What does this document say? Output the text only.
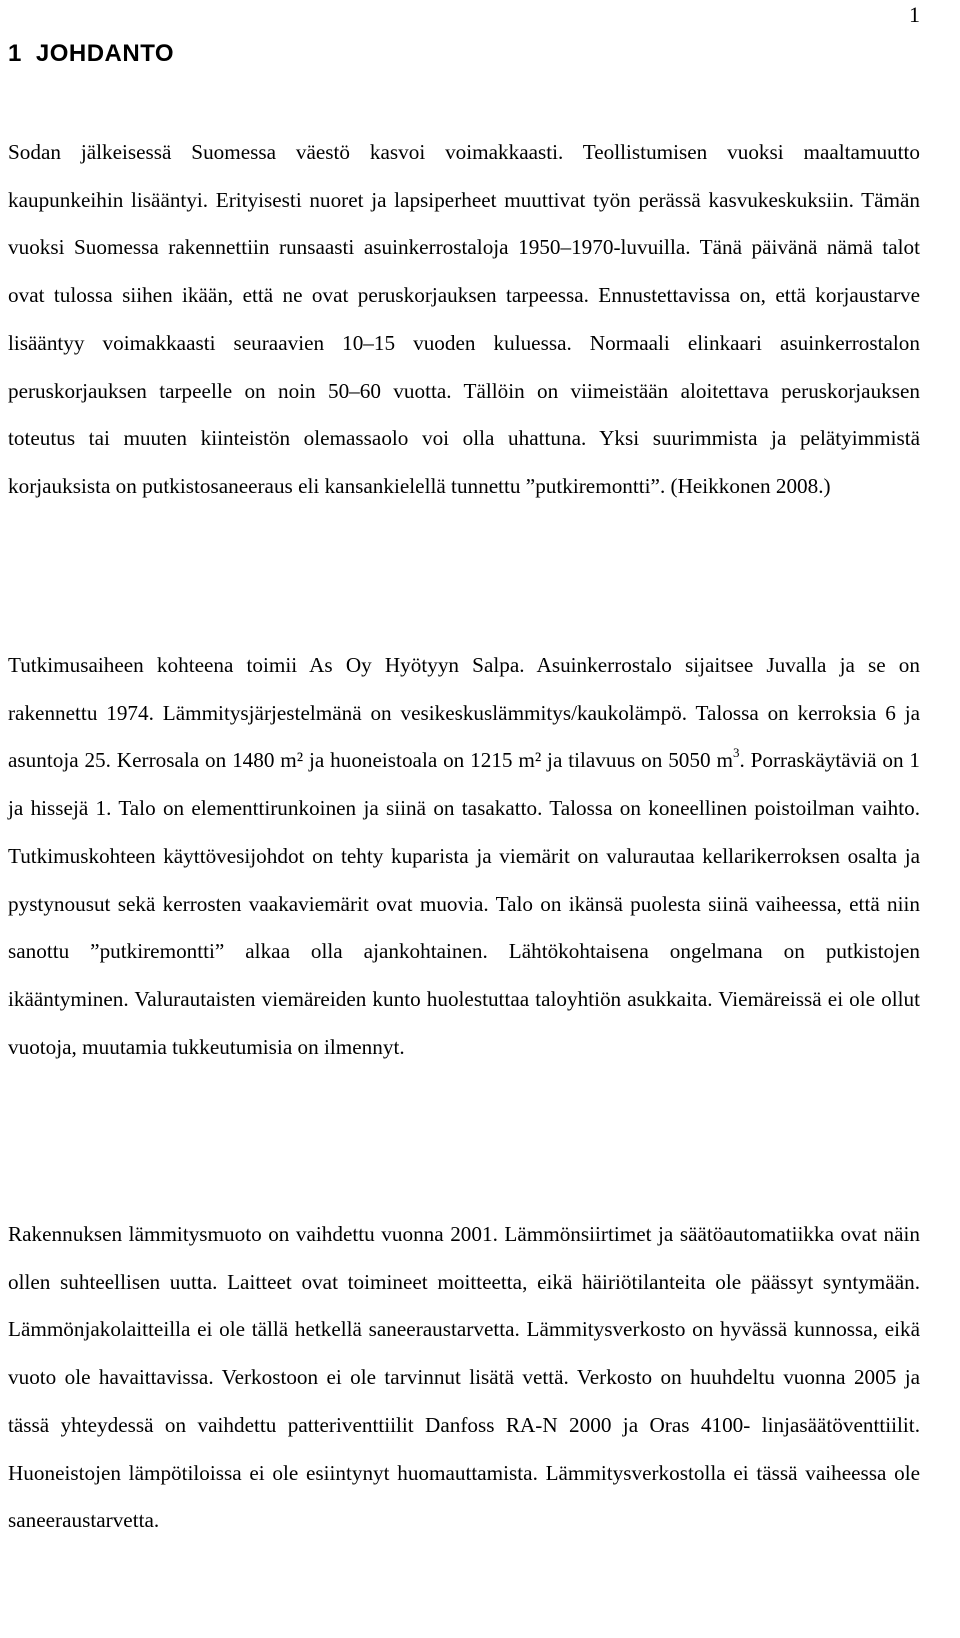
1
1 JOHDANTO

Sodan jälkeisessä Suomessa väestö kasvoi voimakkaasti. Teollistumisen vuoksi maaltamuutto kaupunkeihin lisääntyi. Erityisesti nuoret ja lapsiperheet muuttivat työn perässä kasvukeskuksiin. Tämän vuoksi Suomessa rakennettiin runsaasti asuinkerrostaloja 1950–1970-luvuilla. Tänä päivänä nämä talot ovat tulossa siihen ikään, että ne ovat peruskorjauksen tarpeessa. Ennustettavissa on, että korjaustarve lisääntyy voimakkaasti seuraavien 10–15 vuoden kuluessa. Normaali elinkaari asuinkerrostalon peruskorjauksen tarpeelle on noin 50–60 vuotta. Tällöin on viimeistään aloitettava peruskorjauksen toteutus tai muuten kiinteistön olemassaolo voi olla uhattuna. Yksi suurimmista ja pelätyimmistä korjauksista on putkistosaneeraus eli kansankielellä tunnettu ”putkiremontti”. (Heikkonen 2008.)

Tutkimusaiheen kohteena toimii As Oy Hyötyyn Salpa. Asuinkerrostalo sijaitsee Juvalla ja se on rakennettu 1974. Lämmitysjärjestelmänä on vesikeskuslämmitys/kaukolämpö. Talossa on kerroksia 6 ja asuntoja 25. Kerrosala on 1480 m² ja huoneistoala on 1215 m² ja tilavuus on 5050 $m^3$. Porraskäytäviä on 1 ja hissejä 1. Talo on elementtirunkoinen ja siinä on tasakatto. Talossa on koneellinen poistoilman vaihto. Tutkimuskohteen käyttövesijohdot on tehty kuparista ja viemärit on valurautaa kellarikerroksen osalta ja pystynousut sekä kerrosten vaakaviemärit ovat muovia. Talo on ikänsä puolesta siinä vaiheessa, että niin sanottu ”putkiremontti” alkaa olla ajankohtainen. Lähtökohtaisena ongelmana on putkistojen ikääntyminen. Valurautaisten viemäreiden kunto huolestuttaa taloyhtiön asukkaita. Viemäreissä ei ole ollut vuotoja, muutamia tukkeutumisia on ilmennyt.

Rakennuksen lämmitysmuoto on vaihdettu vuonna 2001. Lämmönsiirtimet ja säätöautomatiikka ovat näin ollen suhteellisen uutta. Laitteet ovat toimineet moitteetta, eikä häiriötilanteita ole päässyt syntymään. Lämmönjakolaitteilla ei ole tällä hetkellä saneeraustarvetta. Lämmitysverkosto on hyvässä kunnossa, eikä vuoto ole havaittavissa. Verkostoon ei ole tarvinnut lisätä vettä. Verkosto on huuhdeltu vuonna 2005 ja tässä yhteydessä on vaihdettu patteriventtiilit Danfoss RA-N 2000 ja Oras 4100- linjasäätöventtiilit. Huoneistojen lämpötiloissa ei ole esiintynyt huomauttamista. Lämmitysverkostolla ei tässä vaiheessa ole saneeraustarvetta.
